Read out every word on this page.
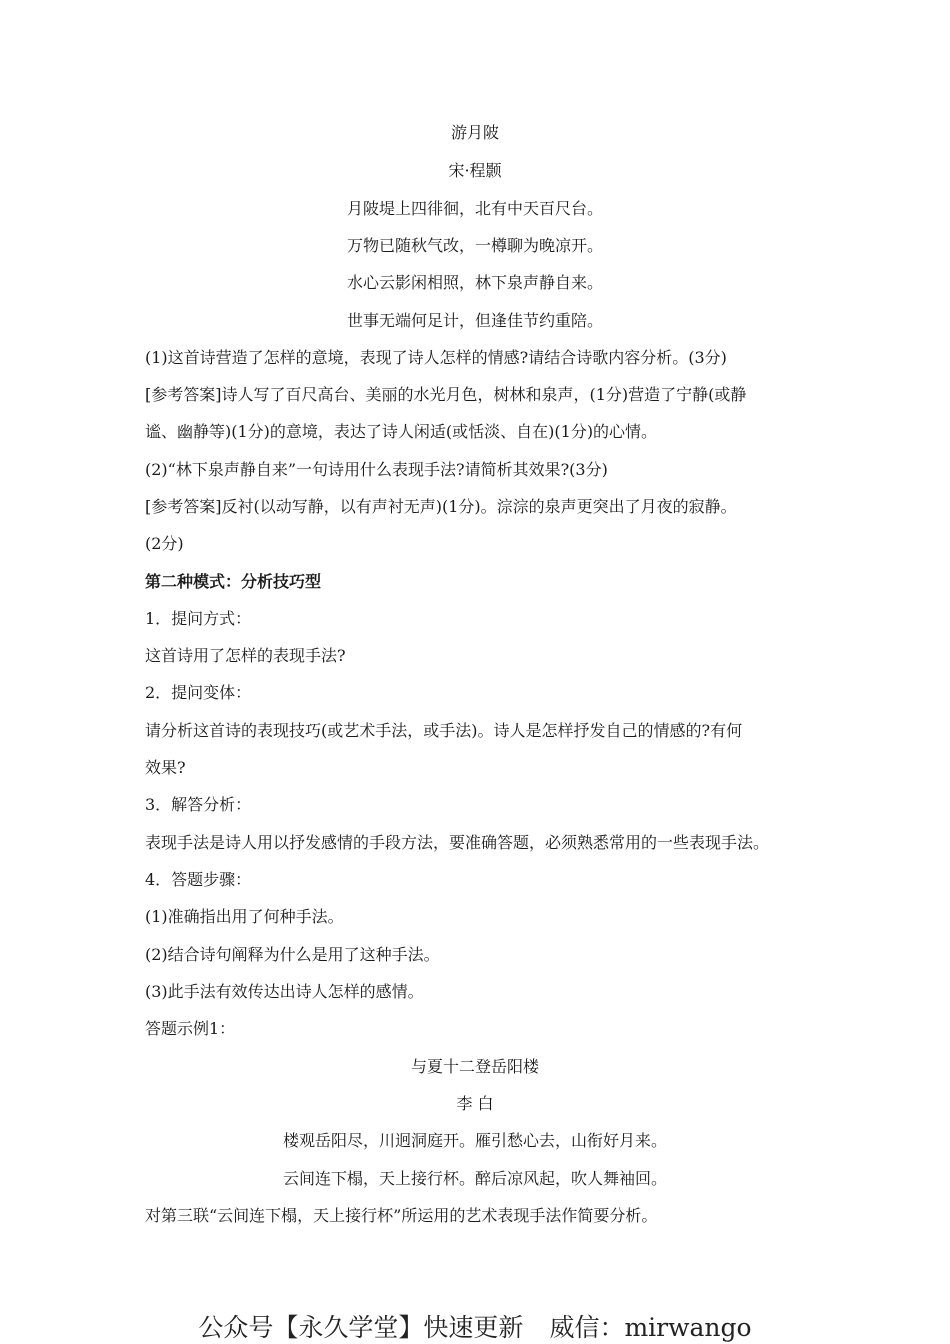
游月陂
宋·程颢
月陂堤上四徘徊，北有中天百尺台。
万物已随秋气改，一樽聊为晚凉开。
水心云影闲相照，林下泉声静自来。
世事无端何足计，但逢佳节约重陪。
(1)这首诗营造了怎样的意境，表现了诗人怎样的情感?请结合诗歌内容分析。(3分)
[参考答案]诗人写了百尺高台、美丽的水光月色，树林和泉声，(1分)营造了宁静(或静
谧、幽静等)(1分)的意境，表达了诗人闲适(或恬淡、自在)(1分)的心情。
(2)“林下泉声静自来”一句诗用什么表现手法?请简析其效果?(3分)
[参考答案]反衬(以动写静，以有声衬无声)(1分)。淙淙的泉声更突出了月夜的寂静。
(2分)
第二种模式：分析技巧型
1．提问方式：
这首诗用了怎样的表现手法?
2．提问变体：
请分析这首诗的表现技巧(或艺术手法，或手法)。诗人是怎样抒发自己的情感的?有何
效果?
3．解答分析：
表现手法是诗人用以抒发感情的手段方法，要准确答题，必须熟悉常用的一些表现手法。
4．答题步骤：
(1)准确指出用了何种手法。
(2)结合诗句阐释为什么是用了这种手法。
(3)此手法有效传达出诗人怎样的感情。
答题示例1：
与夏十二登岳阳楼
李 白
楼观岳阳尽，川迥洞庭开。雁引愁心去，山衔好月来。
云间连下榻，天上接行杯。醉后凉风起，吹人舞袖回。
对第三联“云间连下榻，天上接行杯”所运用的艺术表现手法作简要分析。
公众号【永久学堂】快速更新 威信：mirwango
